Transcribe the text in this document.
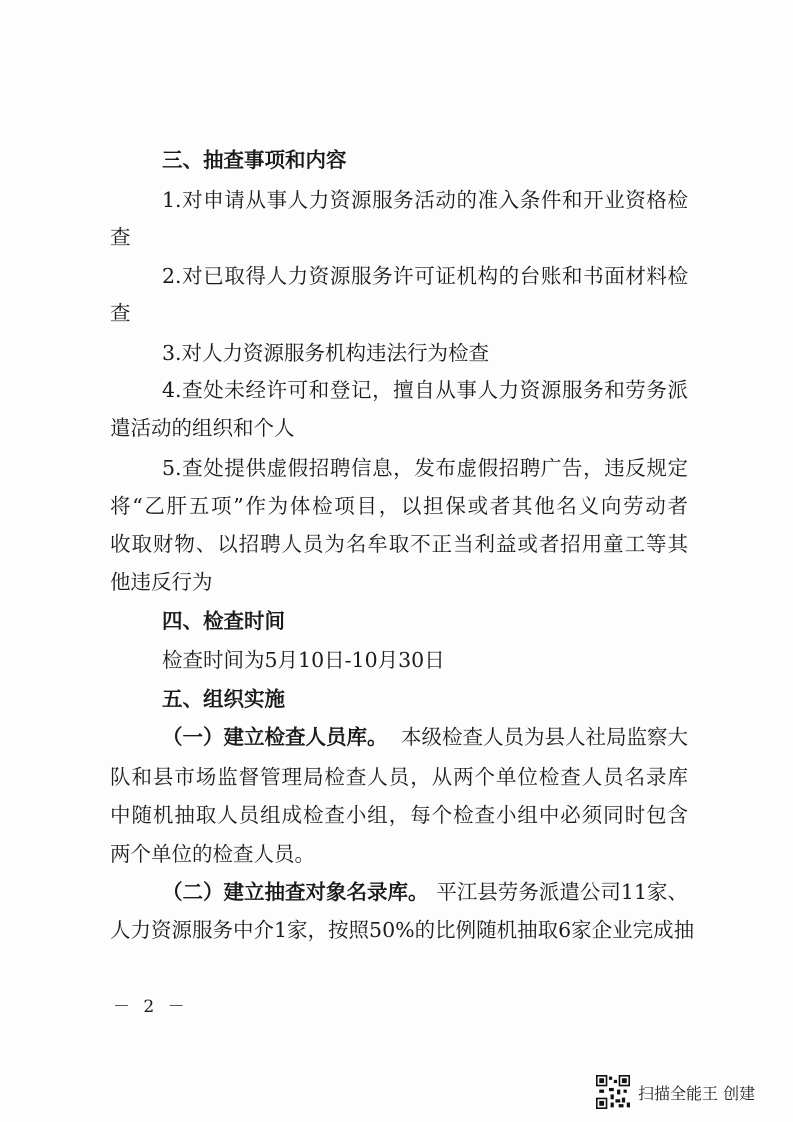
三、抽查事项和内容
1.对申请从事人力资源服务活动的准入条件和开业资格检
查
2.对已取得人力资源服务许可证机构的台账和书面材料检
查
3.对人力资源服务机构违法行为检查
4.查处未经许可和登记，擅自从事人力资源服务和劳务派
遣活动的组织和个人
5.查处提供虚假招聘信息，发布虚假招聘广告，违反规定
将“乙肝五项”作为体检项目，以担保或者其他名义向劳动者
收取财物、以招聘人员为名牟取不正当利益或者招用童工等其
他违反行为
四、检查时间
检查时间为5月10日-10月30日
五、组织实施
（一）建立检查人员库。 本级检查人员为县人社局监察大
队和县市场监督管理局检查人员，从两个单位检查人员名录库
中随机抽取人员组成检查小组，每个检查小组中必须同时包含
两个单位的检查人员。
（二）建立抽查对象名录库。 平江县劳务派遣公司11家、
人力资源服务中介1家，按照50%的比例随机抽取6家企业完成抽
－ 2 －
扫描全能王 创建
